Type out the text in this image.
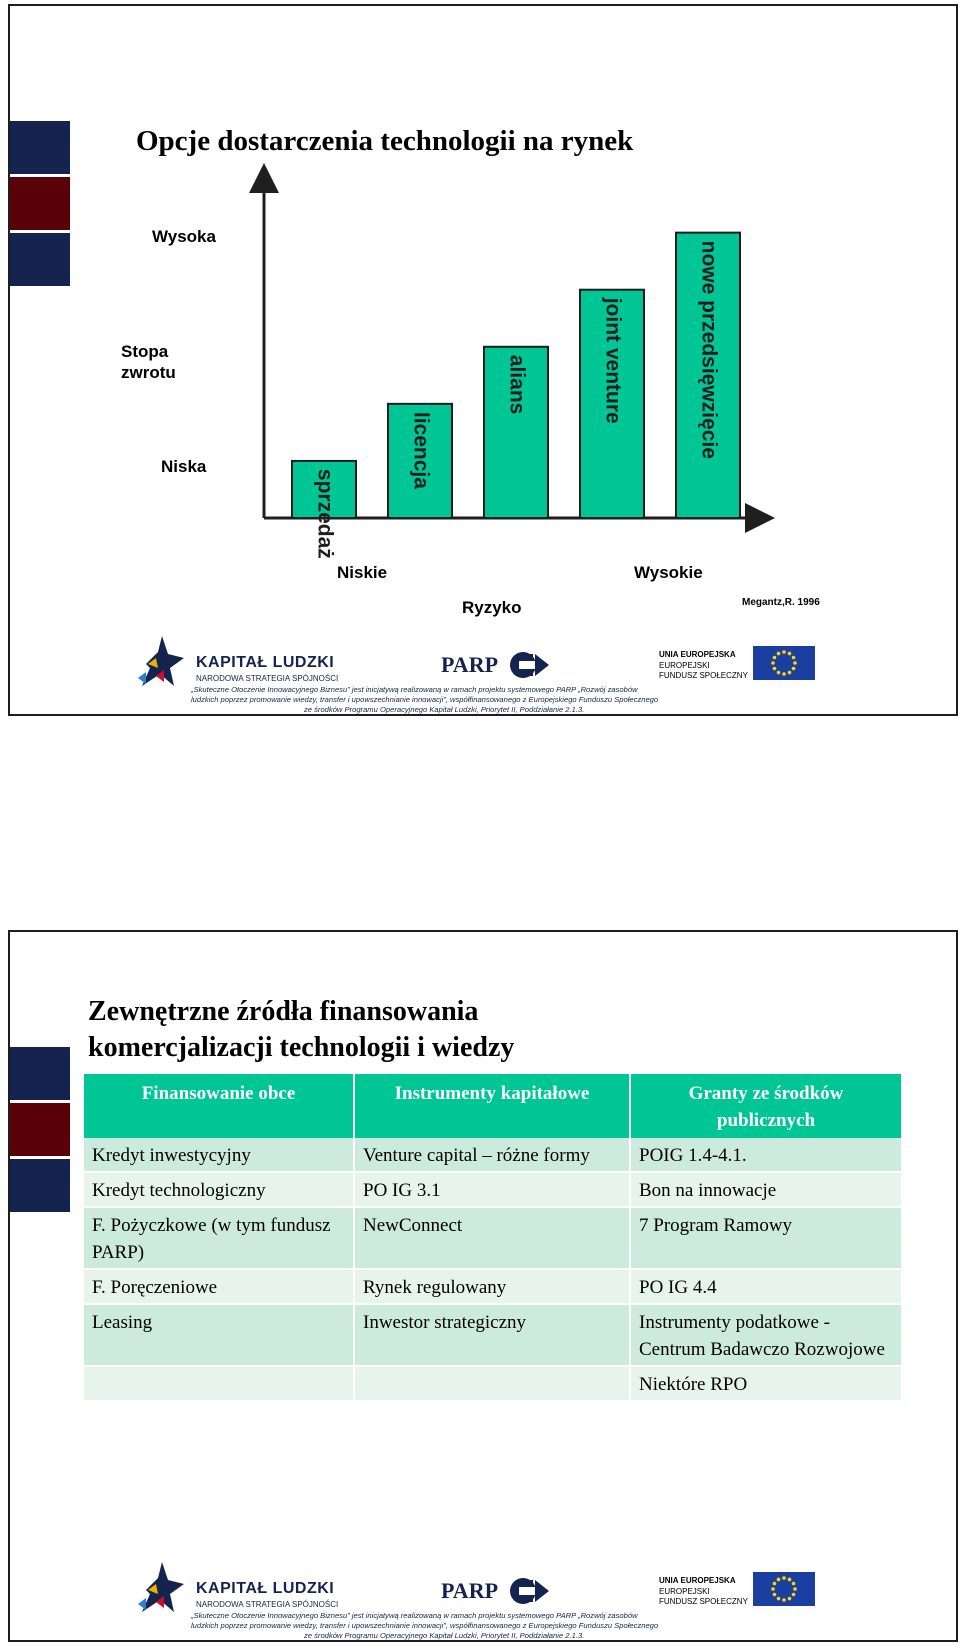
Opcje dostarczenia technologii na rynek
sprzedaż
licencja
alians	joint venture	nowe przedsięwzięcie
Wysoka
Stopa
zwrotu
Niska
Niskie	Wysokie
Ryzyko	Megantz,R. 1996
KAPITAŁ LUDZKI
NARODOWA STRATEGIA SPÓJNOŚCI
PARP	UNIA EUROPEJSKA
EUROPEJSKI
FUNDUSZ SPOŁECZNY
„Skuteczne Otoczenie Innowacyjnego Biznesu” jest inicjatywą realizowaną w ramach projektu systemowego PARP „Rozwój zasobów
ludzkich poprzez promowanie wiedzy, transfer i upowszechnianie innowacji”, współfinansowanego z Europejskiego Funduszu Społecznego
ze środków Programu Operacyjnego Kapitał Ludzki, Priorytet II, Poddziałanie 2.1.3.
Zewnętrzne źródła finansowania
komercjalizacji technologii i wiedzy
Finansowanie obce	Instrumenty kapitałowe	Granty ze środków publicznych
Kredyt inwestycyjny	Venture capital – różne formy	POIG 1.4-4.1.
Kredyt technologiczny	PO IG 3.1	Bon na innowacje
F. Pożyczkowe (w tym fundusz PARP)	NewConnect	7 Program Ramowy
F. Poręczeniowe	Rynek regulowany	PO IG 4.4
Leasing	Inwestor strategiczny	Instrumenty podatkowe - Centrum Badawczo Rozwojowe
		Niektóre RPO
KAPITAŁ LUDZKI
NARODOWA STRATEGIA SPÓJNOŚCI
PARP	UNIA EUROPEJSKA
EUROPEJSKI
FUNDUSZ SPOŁECZNY
„Skuteczne Otoczenie Innowacyjnego Biznesu” jest inicjatywą realizowaną w ramach projektu systemowego PARP „Rozwój zasobów
ludzkich poprzez promowanie wiedzy, transfer i upowszechnianie innowacji”, współfinansowanego z Europejskiego Funduszu Społecznego
ze środków Programu Operacyjnego Kapitał Ludzki, Priorytet II, Poddziałanie 2.1.3.
